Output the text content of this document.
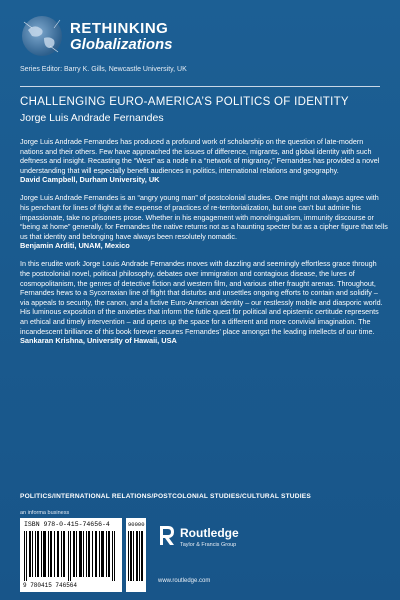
RETHINKING
Globalizations
Series Editor: Barry K. Gills, Newcastle University, UK
CHALLENGING EURO-AMERICA’S POLITICS OF IDENTITY
Jorge Luis Andrade Fernandes

Jorge Luis Andrade Fernandes has produced a profound work of scholarship on the question of late-modern nations and their others. Few have approached the issues of difference, migrants, and global identity with such deftness and insight. Recasting the “West” as a node in a “network of migrancy,” Fernandes has provided a novel understanding that will especially benefit audiences in politics, international relations and geography.

David Campbell, Durham University, UK

Jorge Luis Andrade Fernandes is an “angry young man” of postcolonial studies. One might not always agree with his penchant for lines of flight at the expense of practices of re-territorialization, but one can’t but admire his impassionate, take no prisoners prose. Whether in his engagement with monolingualism, immunity discourse or “being at home” generally, for Fernandes the native returns not as a haunting specter but as a cipher figure that tells us that identity and belonging have always been resolutely nomadic.

Benjamin Arditi, UNAM, Mexico

In this erudite work Jorge Louis Andrade Fernandes moves with dazzling and seemingly effortless grace through the postcolonial novel, political philosophy, debates over immigration and contagious disease, the lures of cosmopolitanism, the genres of detective fiction and western film, and various other fraught arenas. Throughout, Fernandes hews to a Sycorraxian line of flight that disturbs and unsettles ongoing efforts to contain and solidify – via appeals to security, the canon, and a fictive Euro-American identity – our restlessly mobile and diasporic world. His luminous exposition of the anxieties that inform the futile quest for political and epistemic certitude represents an ethical and timely intervention – and opens up the space for a different and more convivial imagination. The incandescent brilliance of this book forever secures Fernandes’ place amongst the leading intellects of our time.

Sankaran Krishna, University of Hawaii, USA

POLITICS/INTERNATIONAL RELATIONS/POSTCOLONIAL STUDIES/CULTURAL STUDIES
an informa business
ISBN 978-0-415-74656-4
9 780415 746564
90000
Routledge
Taylor & Francis Group
www.routledge.com
